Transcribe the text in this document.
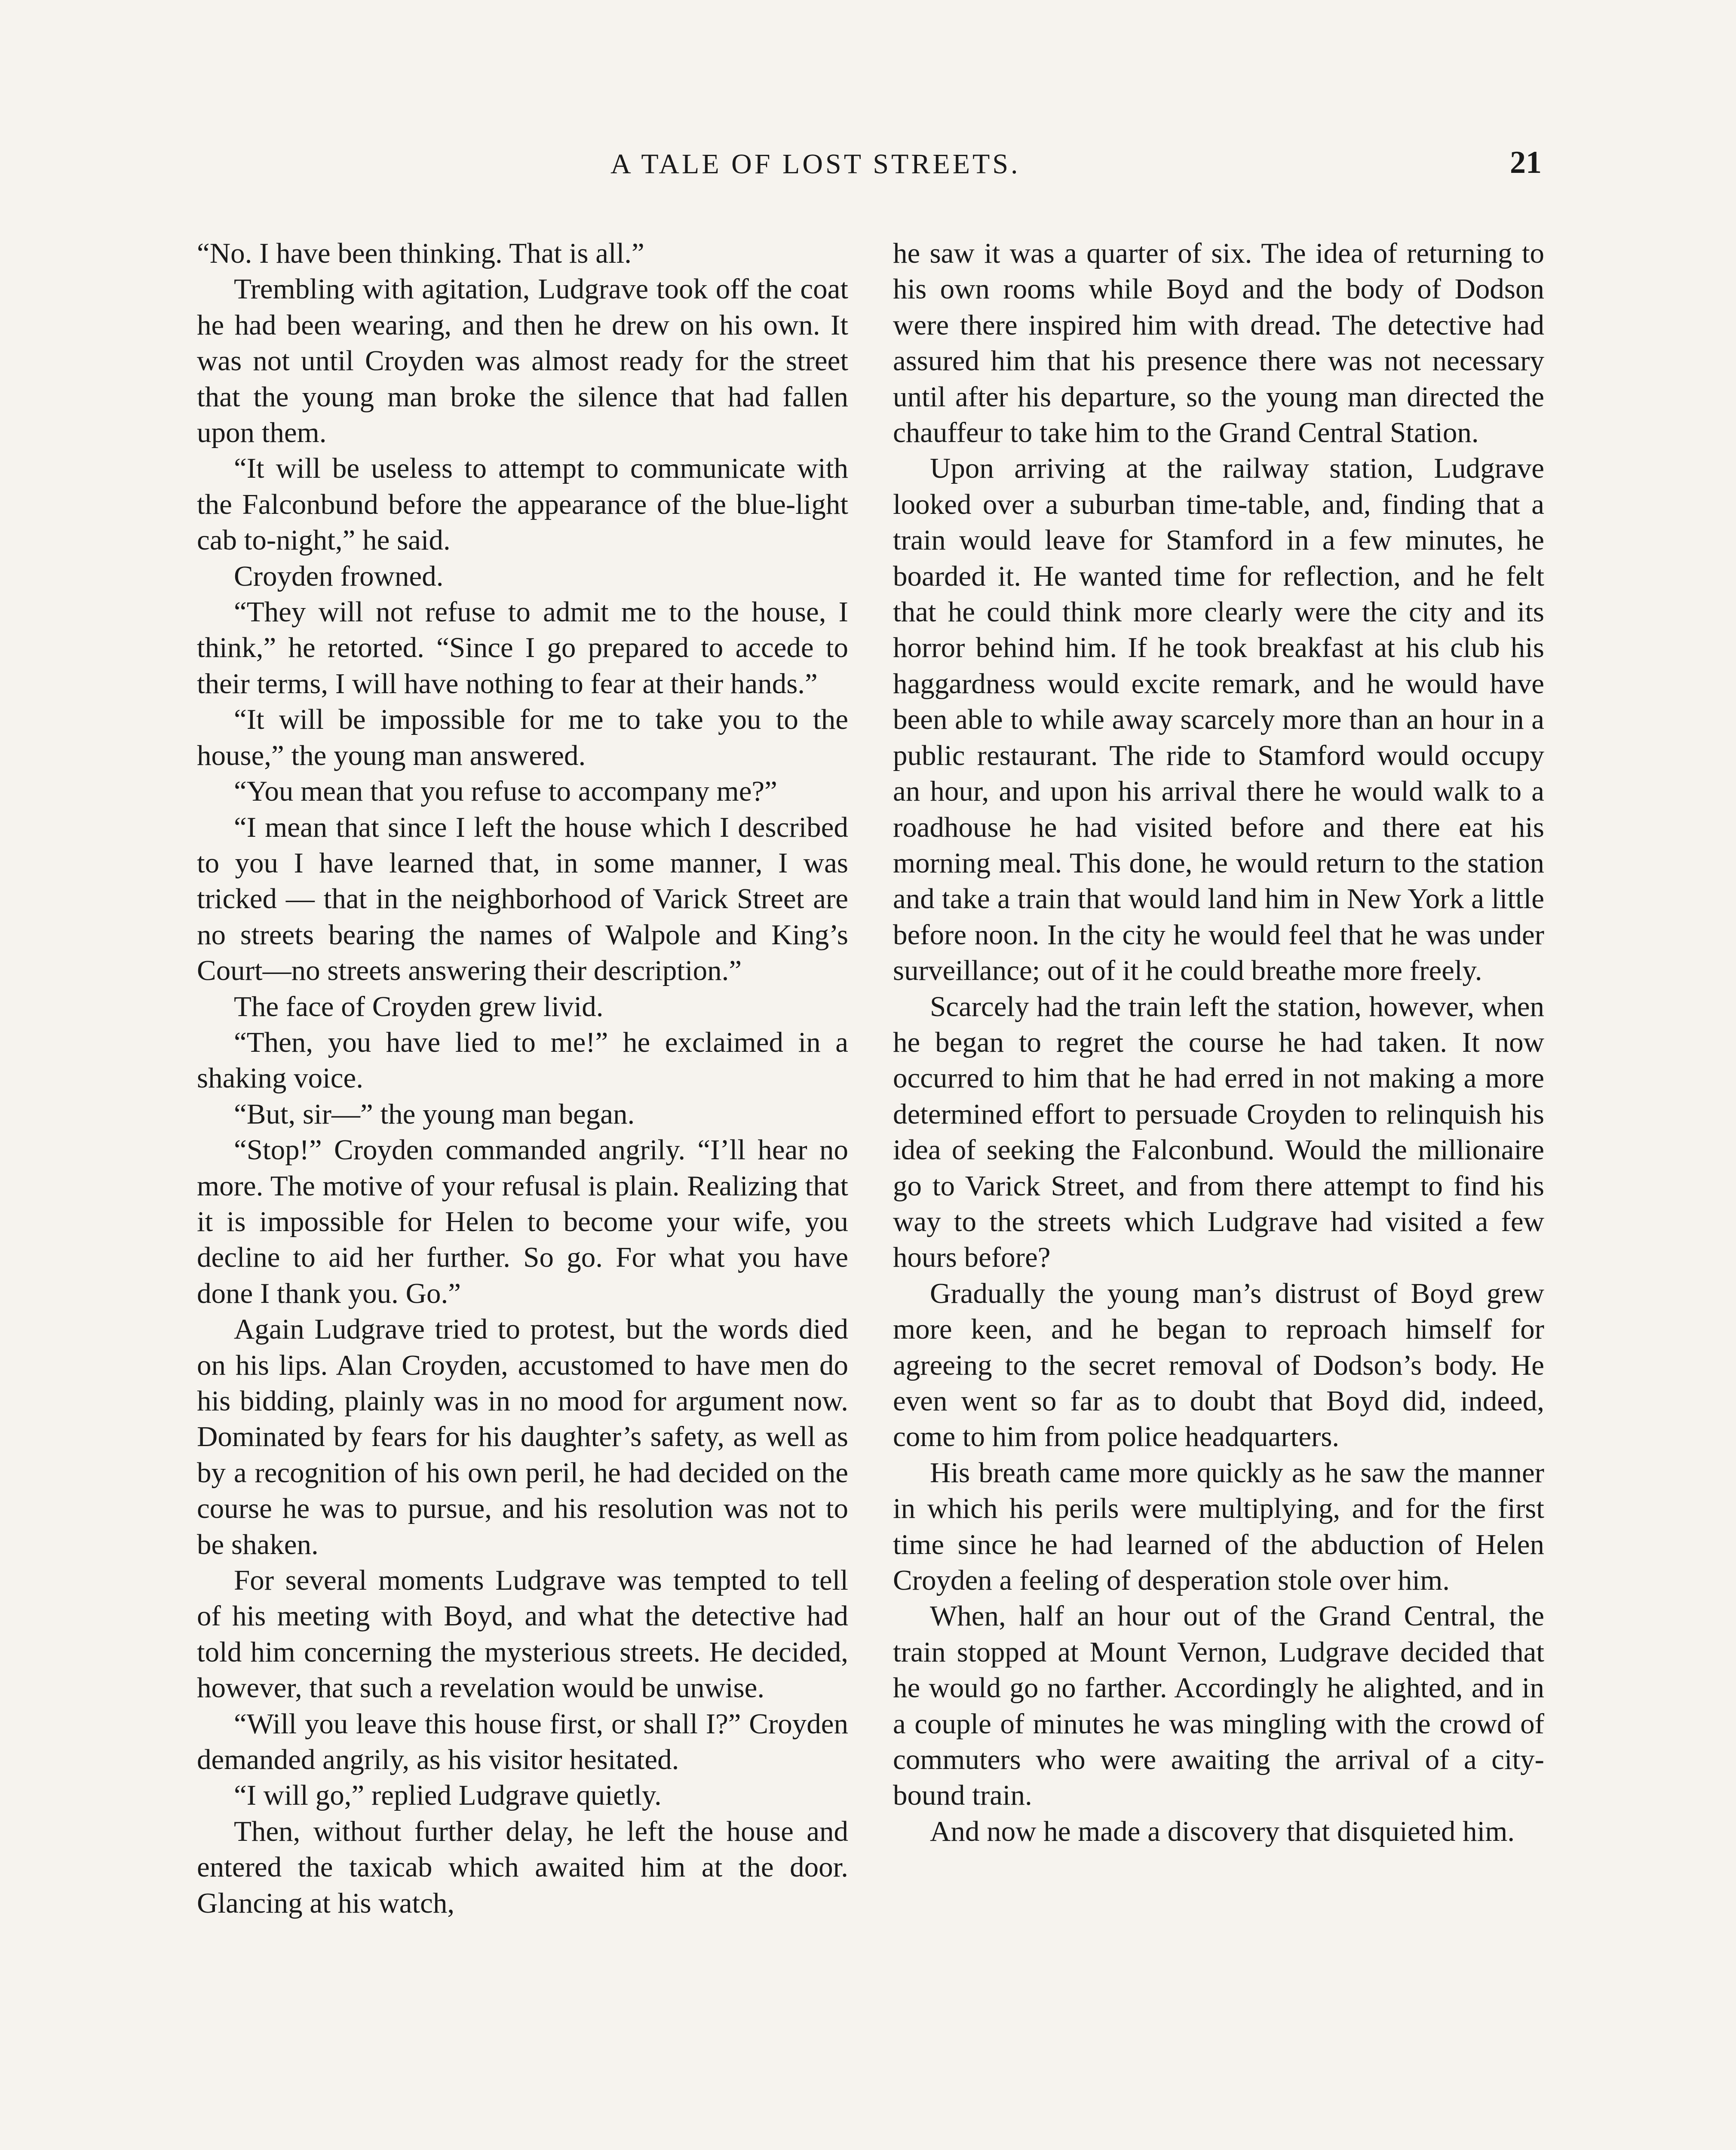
A TALE OF LOST STREETS.	21

“No. I have been thinking. That is all.”

Trembling with agitation, Ludgrave took off the coat he had been wearing, and then he drew on his own. It was not until Croyden was almost ready for the street that the young man broke the silence that had fallen upon them.

“It will be useless to attempt to communicate with the Falconbund before the appearance of the blue-light cab to-night,” he said.

Croyden frowned.

“They will not refuse to admit me to the house, I think,” he retorted. “Since I go prepared to accede to their terms, I will have nothing to fear at their hands.”

“It will be impossible for me to take you to the house,” the young man answered.

“You mean that you refuse to accompany me?”

“I mean that since I left the house which I described to you I have learned that, in some manner, I was tricked — that in the neighborhood of Varick Street are no streets bearing the names of Walpole and King’s Court—no streets answering their description.”

The face of Croyden grew livid.

“Then, you have lied to me!” he exclaimed in a shaking voice.

“But, sir—” the young man began.

“Stop!” Croyden commanded angrily. “I’ll hear no more. The motive of your refusal is plain. Realizing that it is impossible for Helen to become your wife, you decline to aid her further. So go. For what you have done I thank you. Go.”

Again Ludgrave tried to protest, but the words died on his lips. Alan Croyden, accustomed to have men do his bidding, plainly was in no mood for argument now. Dominated by fears for his daughter’s safety, as well as by a recognition of his own peril, he had decided on the course he was to pursue, and his resolution was not to be shaken.

For several moments Ludgrave was tempted to tell of his meeting with Boyd, and what the detective had told him concerning the mysterious streets. He decided, however, that such a revelation would be unwise.

“Will you leave this house first, or shall I?” Croyden demanded angrily, as his visitor hesitated.

“I will go,” replied Ludgrave quietly.

Then, without further delay, he left the house and entered the taxicab which awaited him at the door. Glancing at his watch,

he saw it was a quarter of six. The idea of returning to his own rooms while Boyd and the body of Dodson were there inspired him with dread. The detective had assured him that his presence there was not necessary until after his departure, so the young man directed the chauffeur to take him to the Grand Central Station.

Upon arriving at the railway station, Ludgrave looked over a suburban time-table, and, finding that a train would leave for Stamford in a few minutes, he boarded it. He wanted time for reflection, and he felt that he could think more clearly were the city and its horror behind him. If he took breakfast at his club his haggardness would excite remark, and he would have been able to while away scarcely more than an hour in a public restaurant. The ride to Stamford would occupy an hour, and upon his arrival there he would walk to a roadhouse he had visited before and there eat his morning meal. This done, he would return to the station and take a train that would land him in New York a little before noon. In the city he would feel that he was under surveillance; out of it he could breathe more freely.

Scarcely had the train left the station, however, when he began to regret the course he had taken. It now occurred to him that he had erred in not making a more determined effort to persuade Croyden to relinquish his idea of seeking the Falconbund. Would the millionaire go to Varick Street, and from there attempt to find his way to the streets which Ludgrave had visited a few hours before?

Gradually the young man’s distrust of Boyd grew more keen, and he began to reproach himself for agreeing to the secret removal of Dodson’s body. He even went so far as to doubt that Boyd did, indeed, come to him from police headquarters.

His breath came more quickly as he saw the manner in which his perils were multiplying, and for the first time since he had learned of the abduction of Helen Croyden a feeling of desperation stole over him.

When, half an hour out of the Grand Central, the train stopped at Mount Vernon, Ludgrave decided that he would go no farther. Accordingly he alighted, and in a couple of minutes he was mingling with the crowd of commuters who were awaiting the arrival of a city-bound train.

And now he made a discovery that disquieted him.
